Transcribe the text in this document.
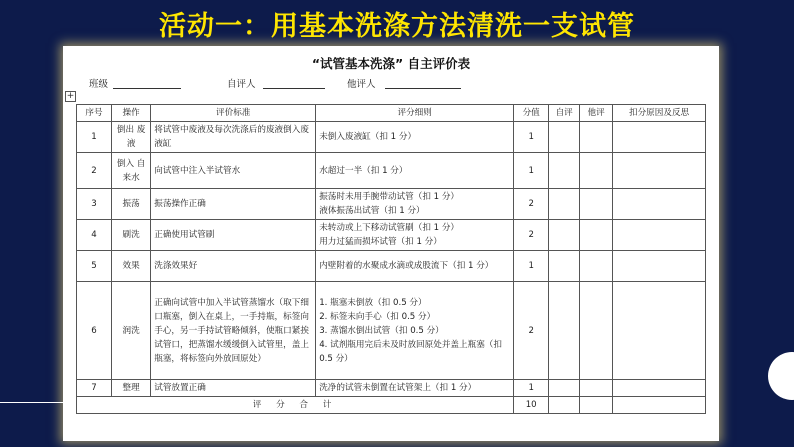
活动一：用基本洗涤方法清洗一支试管
“试管基本洗涤” 自主评价表
班级	自评人	他评人
+
序号	操作	评价标准	评分细则	分值	自评	他评	扣分原因及反思
1	倒出 废液	将试管中废液及每次洗涤后的废液倒入废液缸	未倒入废液缸（扣 1 分）	1			
2	倒入 自来水	向试管中注入半试管水	水超过一半（扣 1 分）	1			
3	振荡	振荡操作正确	振荡时未用手腕带动试管（扣 1 分）
液体振荡出试管（扣 1 分）	2			
4	刷洗	正确使用试管刷	未转动或上下移动试管刷（扣 1 分）
用力过猛而损坏试管（扣 1 分）	2			
5	效果	洗涤效果好	内壁附着的水聚成水滴或成股流下（扣 1 分）	1			
6	润洗	正确向试管中加入半试管蒸馏水（取下细口瓶塞，倒入在桌上，一手持瓶，标签向手心，另一手持试管略倾斜，使瓶口紧挨试管口，把蒸馏水缓缓倒入试管里，盖上瓶塞，将标签向外放回原处）	1. 瓶塞未倒放（扣 0.5 分）
2. 标签未向手心（扣 0.5 分）
3. 蒸馏水倒出试管（扣 0.5 分）
4. 试剂瓶用完后未及时放回原处并盖上瓶塞（扣 0.5 分）	2			
7	整理	试管放置正确	洗净的试管未倒置在试管架上（扣 1 分）	1			
评 分 合 计				10			
